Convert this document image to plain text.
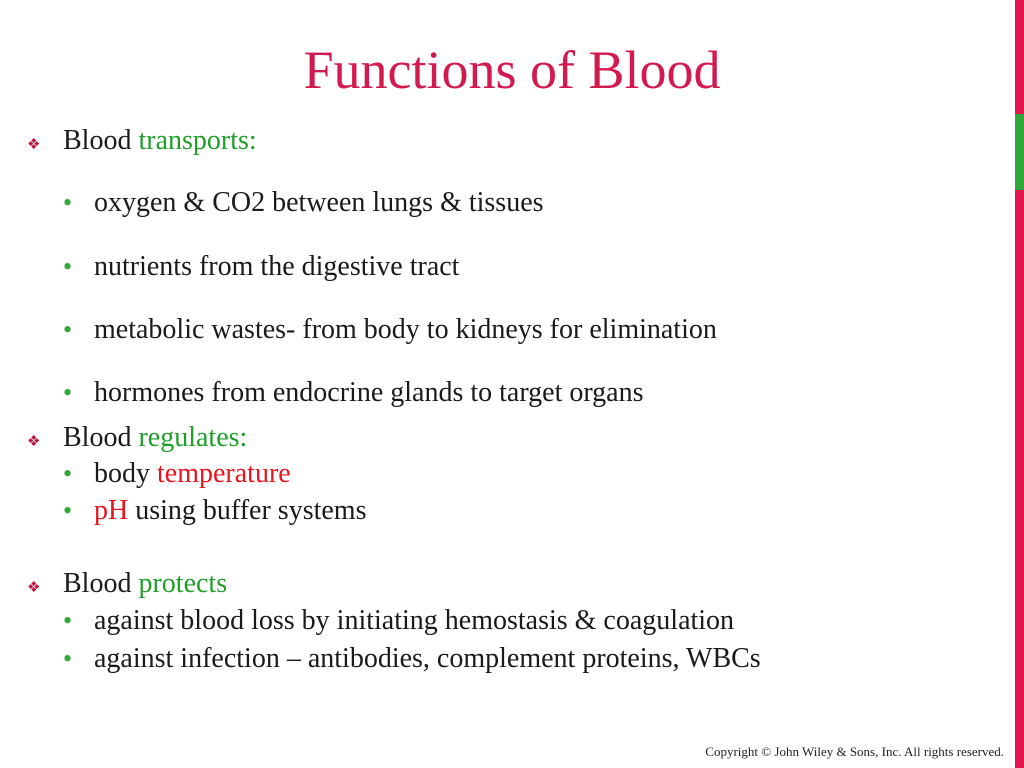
Functions of Blood
❖ Blood transports:
• oxygen & CO2 between lungs & tissues
• nutrients from the digestive tract
• metabolic wastes- from body to kidneys for elimination
• hormones from endocrine glands to target organs
❖ Blood regulates:
• body temperature
• pH using buffer systems
❖ Blood protects
• against blood loss by initiating hemostasis & coagulation
• against infection – antibodies, complement proteins, WBCs
Copyright © John Wiley & Sons, Inc. All rights reserved.
